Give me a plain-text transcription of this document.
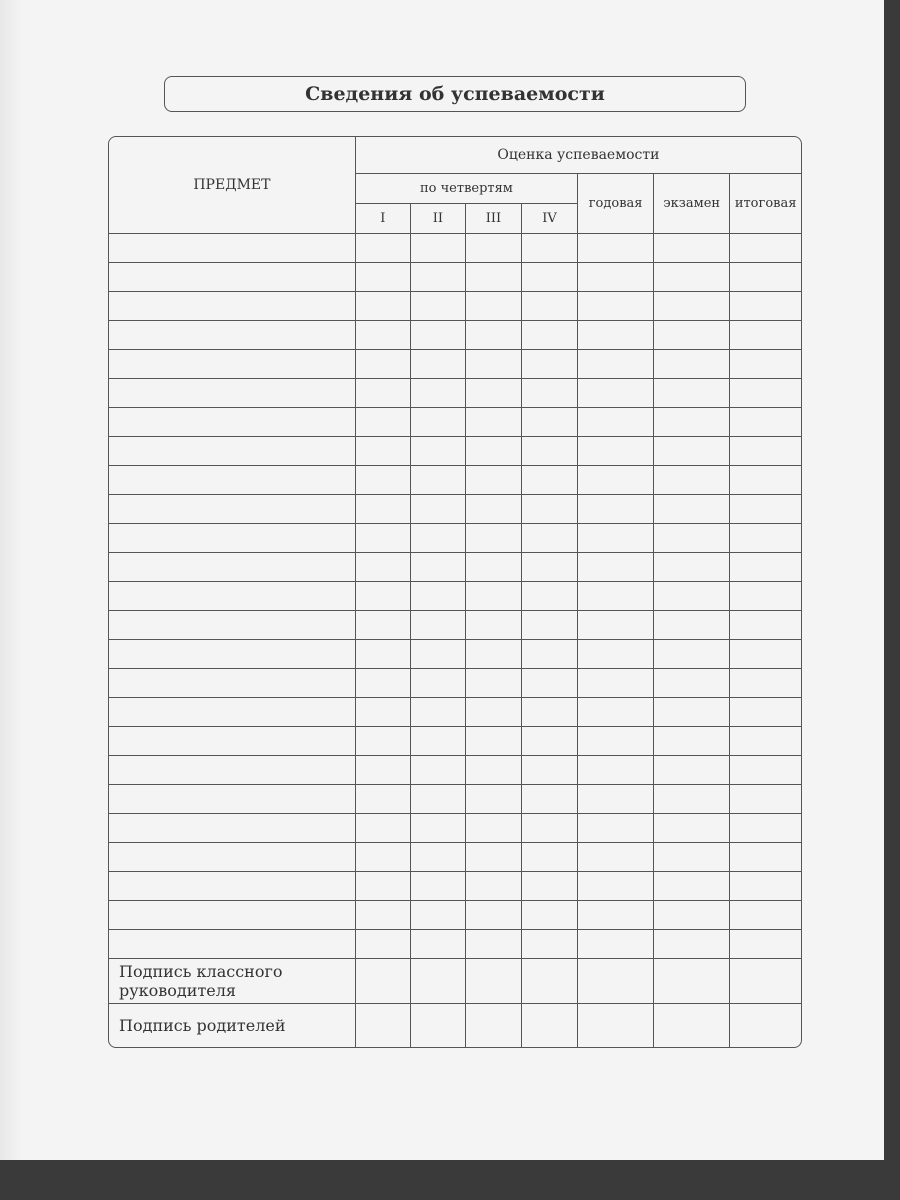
Сведения об успеваемости
ПРЕДМЕТ	Оценка успеваемости						
	по четвертям				годовая	экзамен	итоговая
	I	II	III	IV			

Подпись классного руководителя							
Подпись родителей							
